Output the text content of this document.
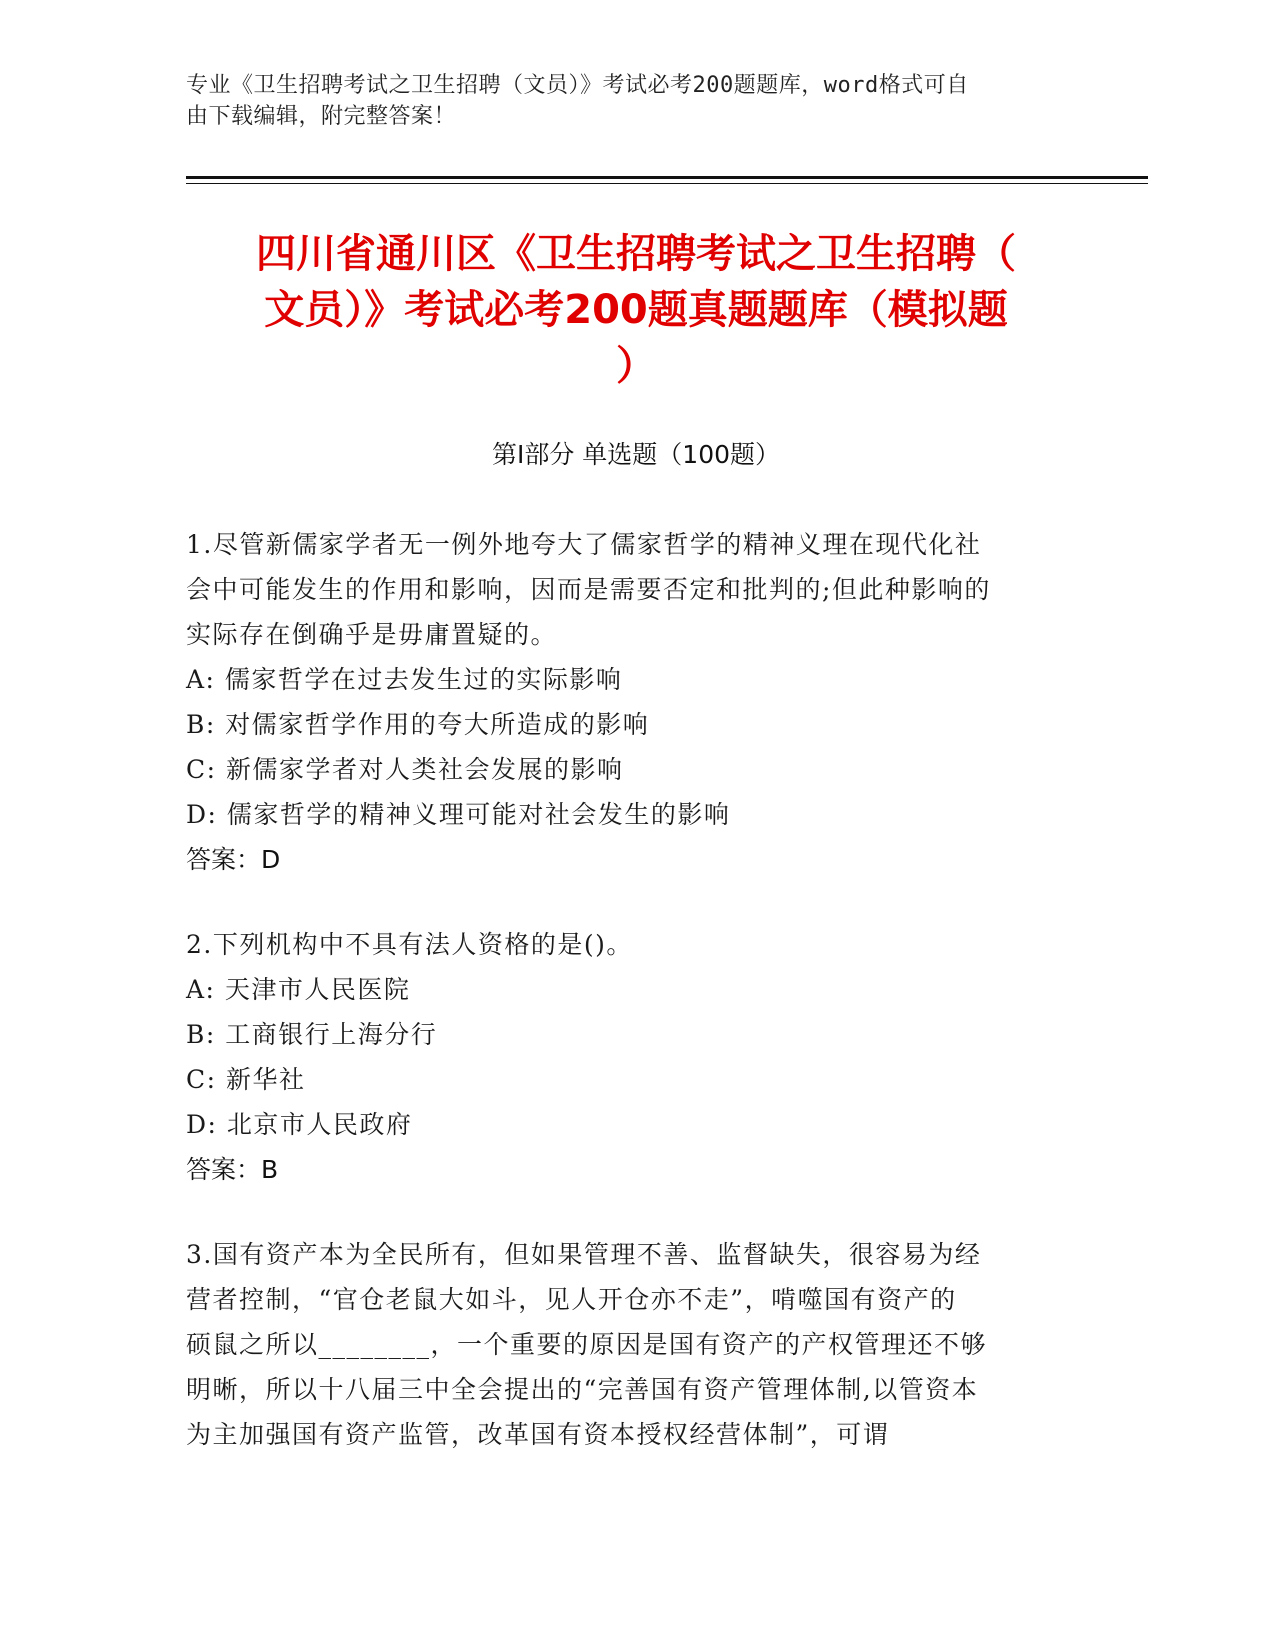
专业《卫生招聘考试之卫生招聘（文员）》考试必考200题题库，word格式可自
由下载编辑，附完整答案！
四川省通川区《卫生招聘考试之卫生招聘（
文员）》考试必考200题真题题库（模拟题
）
第Ⅰ部分 单选题（100题）

1.尽管新儒家学者无一例外地夸大了儒家哲学的精神义理在现代化社

会中可能发生的作用和影响，因而是需要否定和批判的;但此种影响的

实际存在倒确乎是毋庸置疑的。

A: 儒家哲学在过去发生过的实际影响

B: 对儒家哲学作用的夸大所造成的影响

C: 新儒家学者对人类社会发展的影响

D: 儒家哲学的精神义理可能对社会发生的影响

答案：D

2.下列机构中不具有法人资格的是()。

A: 天津市人民医院

B: 工商银行上海分行

C: 新华社

D: 北京市人民政府

答案：B

3.国有资产本为全民所有，但如果管理不善、监督缺失，很容易为经

营者控制，“官仓老鼠大如斗，见人开仓亦不走”，啃噬国有资产的

硕鼠之所以________，一个重要的原因是国有资产的产权管理还不够

明晰，所以十八届三中全会提出的“完善国有资产管理体制,以管资本

为主加强国有资产监管，改革国有资本授权经营体制”，可谓
